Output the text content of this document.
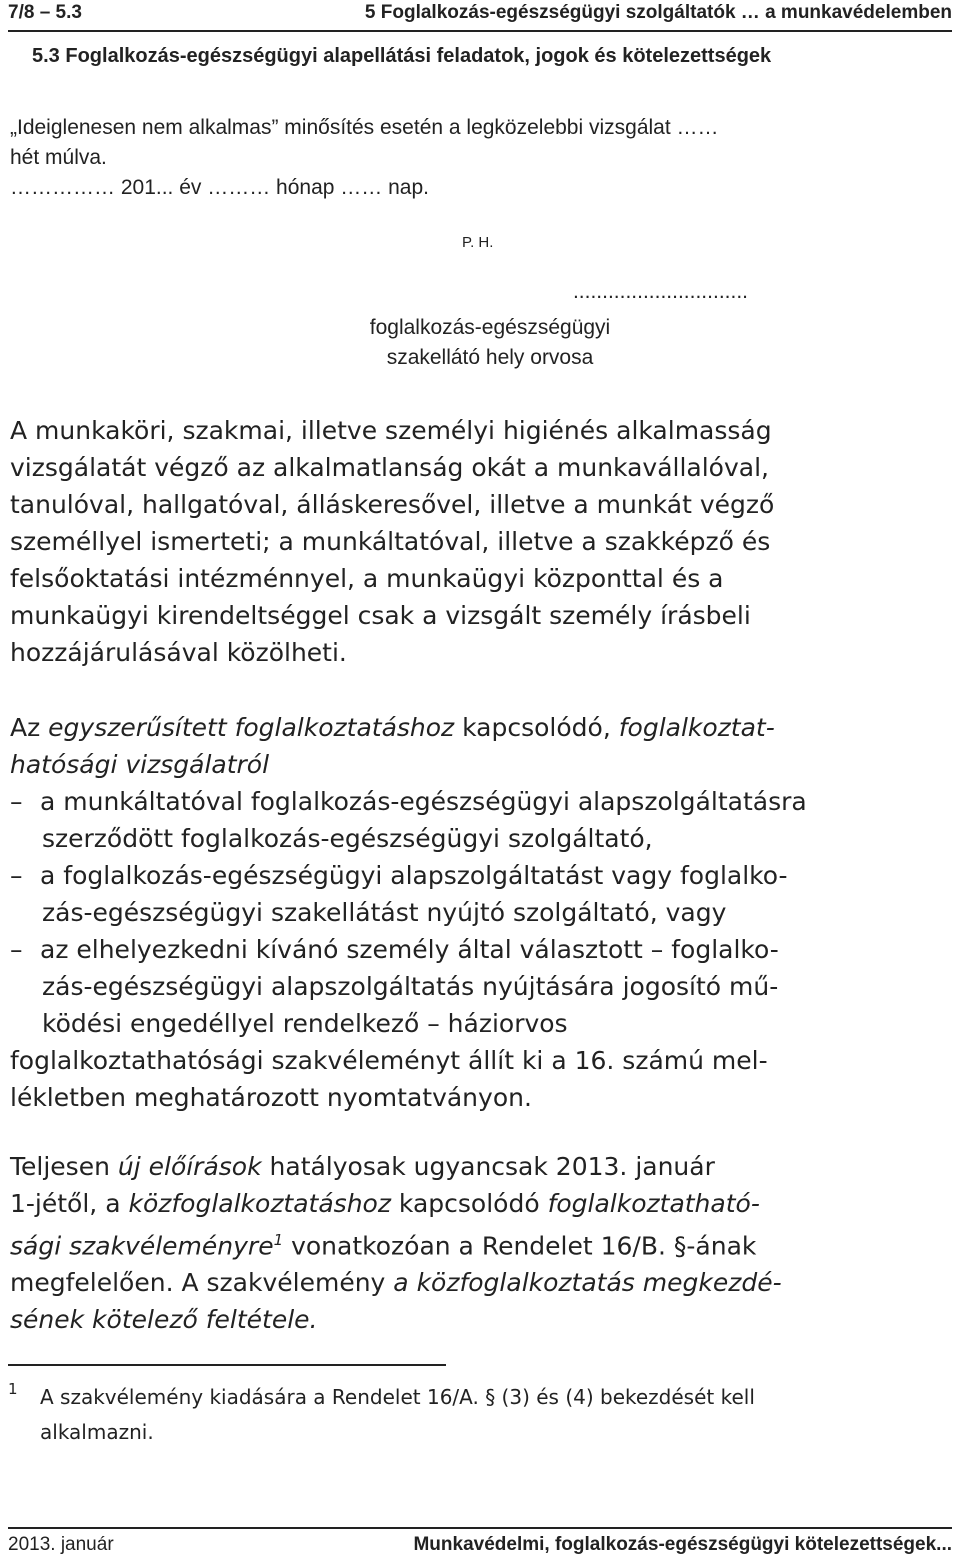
7/8 – 5.3	5 Foglalkozás-egészségügyi szolgáltatók … a munkavédelemben
5.3 Foglalkozás-egészségügyi alapellátási feladatok, jogok és kötelezettségek

„Ideiglenesen nem alkalmas” minősítés esetén a legközelebbi vizsgálat ……

hét múlva.

…………… 201... év ……… hónap …… nap.

P. H.
..............................
foglalkozás-egészségügyi
szakellátó hely orvosa

A munkaköri, szakmai, illetve személyi higiénés alkalmasság

vizsgálatát végző az alkalmatlanság okát a munkavállalóval,

tanulóval, hallgatóval, álláskeresővel, illetve a munkát végző

személlyel ismerteti; a munkáltatóval, illetve a szakképző és

felsőoktatási intézménnyel, a munkaügyi központtal és a

munkaügyi kirendeltséggel csak a vizsgált személy írásbeli

hozzájárulásával közölheti.

Az egyszerűsített foglalkoztatáshoz kapcsolódó, foglalkoztat-

hatósági vizsgálatról

– a munkáltatóval foglalkozás-egészségügyi alapszolgáltatásra

szerződött foglalkozás-egészségügyi szolgáltató,

– a foglalkozás-egészségügyi alapszolgáltatást vagy foglalko-

zás-egészségügyi szakellátást nyújtó szolgáltató, vagy

– az elhelyezkedni kívánó személy által választott – foglalko-

zás-egészségügyi alapszolgáltatás nyújtására jogosító mű-

ködési engedéllyel rendelkező – háziorvos

foglalkoztathatósági szakvéleményt állít ki a 16. számú mel-

lékletben meghatározott nyomtatványon.

Teljesen új előírások hatályosak ugyancsak 2013. január

1-jétől, a közfoglalkoztatáshoz kapcsolódó foglalkoztatható-

sági szakvéleményre$^1$ vonatkozóan a Rendelet 16/B. §-ának

megfelelően. A szakvélemény a közfoglalkoztatás megkezdé-

sének kötelező feltétele.

1 A szakvélemény kiadására a Rendelet 16/A. § (3) és (4) bekezdését kell

alkalmazni.

2013. január	Munkavédelmi, foglalkozás-egészségügyi kötelezettségek...
